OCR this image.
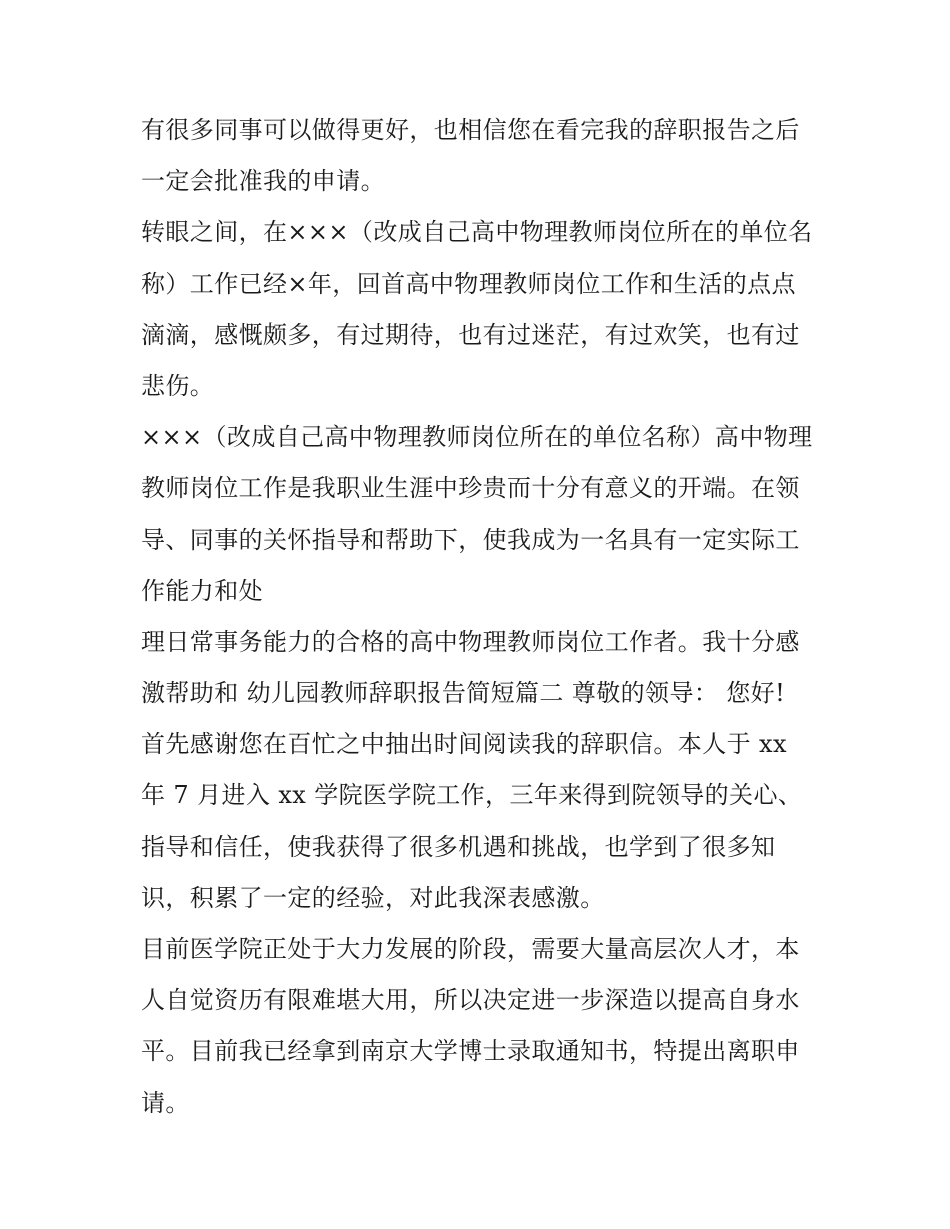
有很多同事可以做得更好，也相信您在看完我的辞职报告之后
一定会批准我的申请。
转眼之间，在×××（改成自己高中物理教师岗位所在的单位名
称）工作已经×年，回首高中物理教师岗位工作和生活的点点
滴滴，感慨颇多，有过期待，也有过迷茫，有过欢笑，也有过
悲伤。
×××（改成自己高中物理教师岗位所在的单位名称）高中物理
教师岗位工作是我职业生涯中珍贵而十分有意义的开端。在领
导、同事的关怀指导和帮助下，使我成为一名具有一定实际工
作能力和处
理日常事务能力的合格的高中物理教师岗位工作者。我十分感
激帮助和 幼儿园教师辞职报告简短篇二 尊敬的领导： 您好!
首先感谢您在百忙之中抽出时间阅读我的辞职信。本人于 xx
年 7 月进入 xx 学院医学院工作，三年来得到院领导的关心、
指导和信任，使我获得了很多机遇和挑战，也学到了很多知
识，积累了一定的经验，对此我深表感激。
目前医学院正处于大力发展的阶段，需要大量高层次人才，本
人自觉资历有限难堪大用，所以决定进一步深造以提高自身水
平。目前我已经拿到南京大学博士录取通知书，特提出离职申
请。
